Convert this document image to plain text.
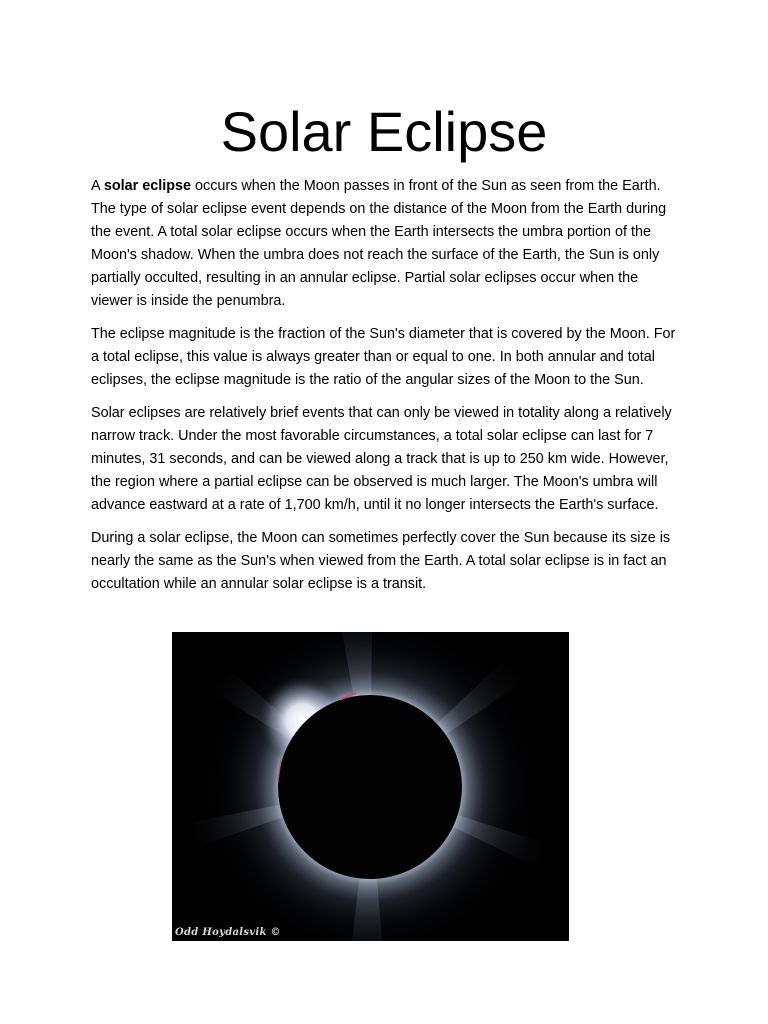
Solar Eclipse

A solar eclipse occurs when the Moon passes in front of the Sun as seen from the Earth. The type of solar eclipse event depends on the distance of the Moon from the Earth during the event. A total solar eclipse occurs when the Earth intersects the umbra portion of the Moon's shadow. When the umbra does not reach the surface of the Earth, the Sun is only partially occulted, resulting in an annular eclipse. Partial solar eclipses occur when the viewer is inside the penumbra.

The eclipse magnitude is the fraction of the Sun's diameter that is covered by the Moon. For a total eclipse, this value is always greater than or equal to one. In both annular and total eclipses, the eclipse magnitude is the ratio of the angular sizes of the Moon to the Sun.

Solar eclipses are relatively brief events that can only be viewed in totality along a relatively narrow track. Under the most favorable circumstances, a total solar eclipse can last for 7 minutes, 31 seconds, and can be viewed along a track that is up to 250 km wide. However, the region where a partial eclipse can be observed is much larger. The Moon's umbra will advance eastward at a rate of 1,700 km/h, until it no longer intersects the Earth's surface.

During a solar eclipse, the Moon can sometimes perfectly cover the Sun because its size is nearly the same as the Sun's when viewed from the Earth. A total solar eclipse is in fact an occultation while an annular solar eclipse is a transit.

Odd Hoydalsvik ©
